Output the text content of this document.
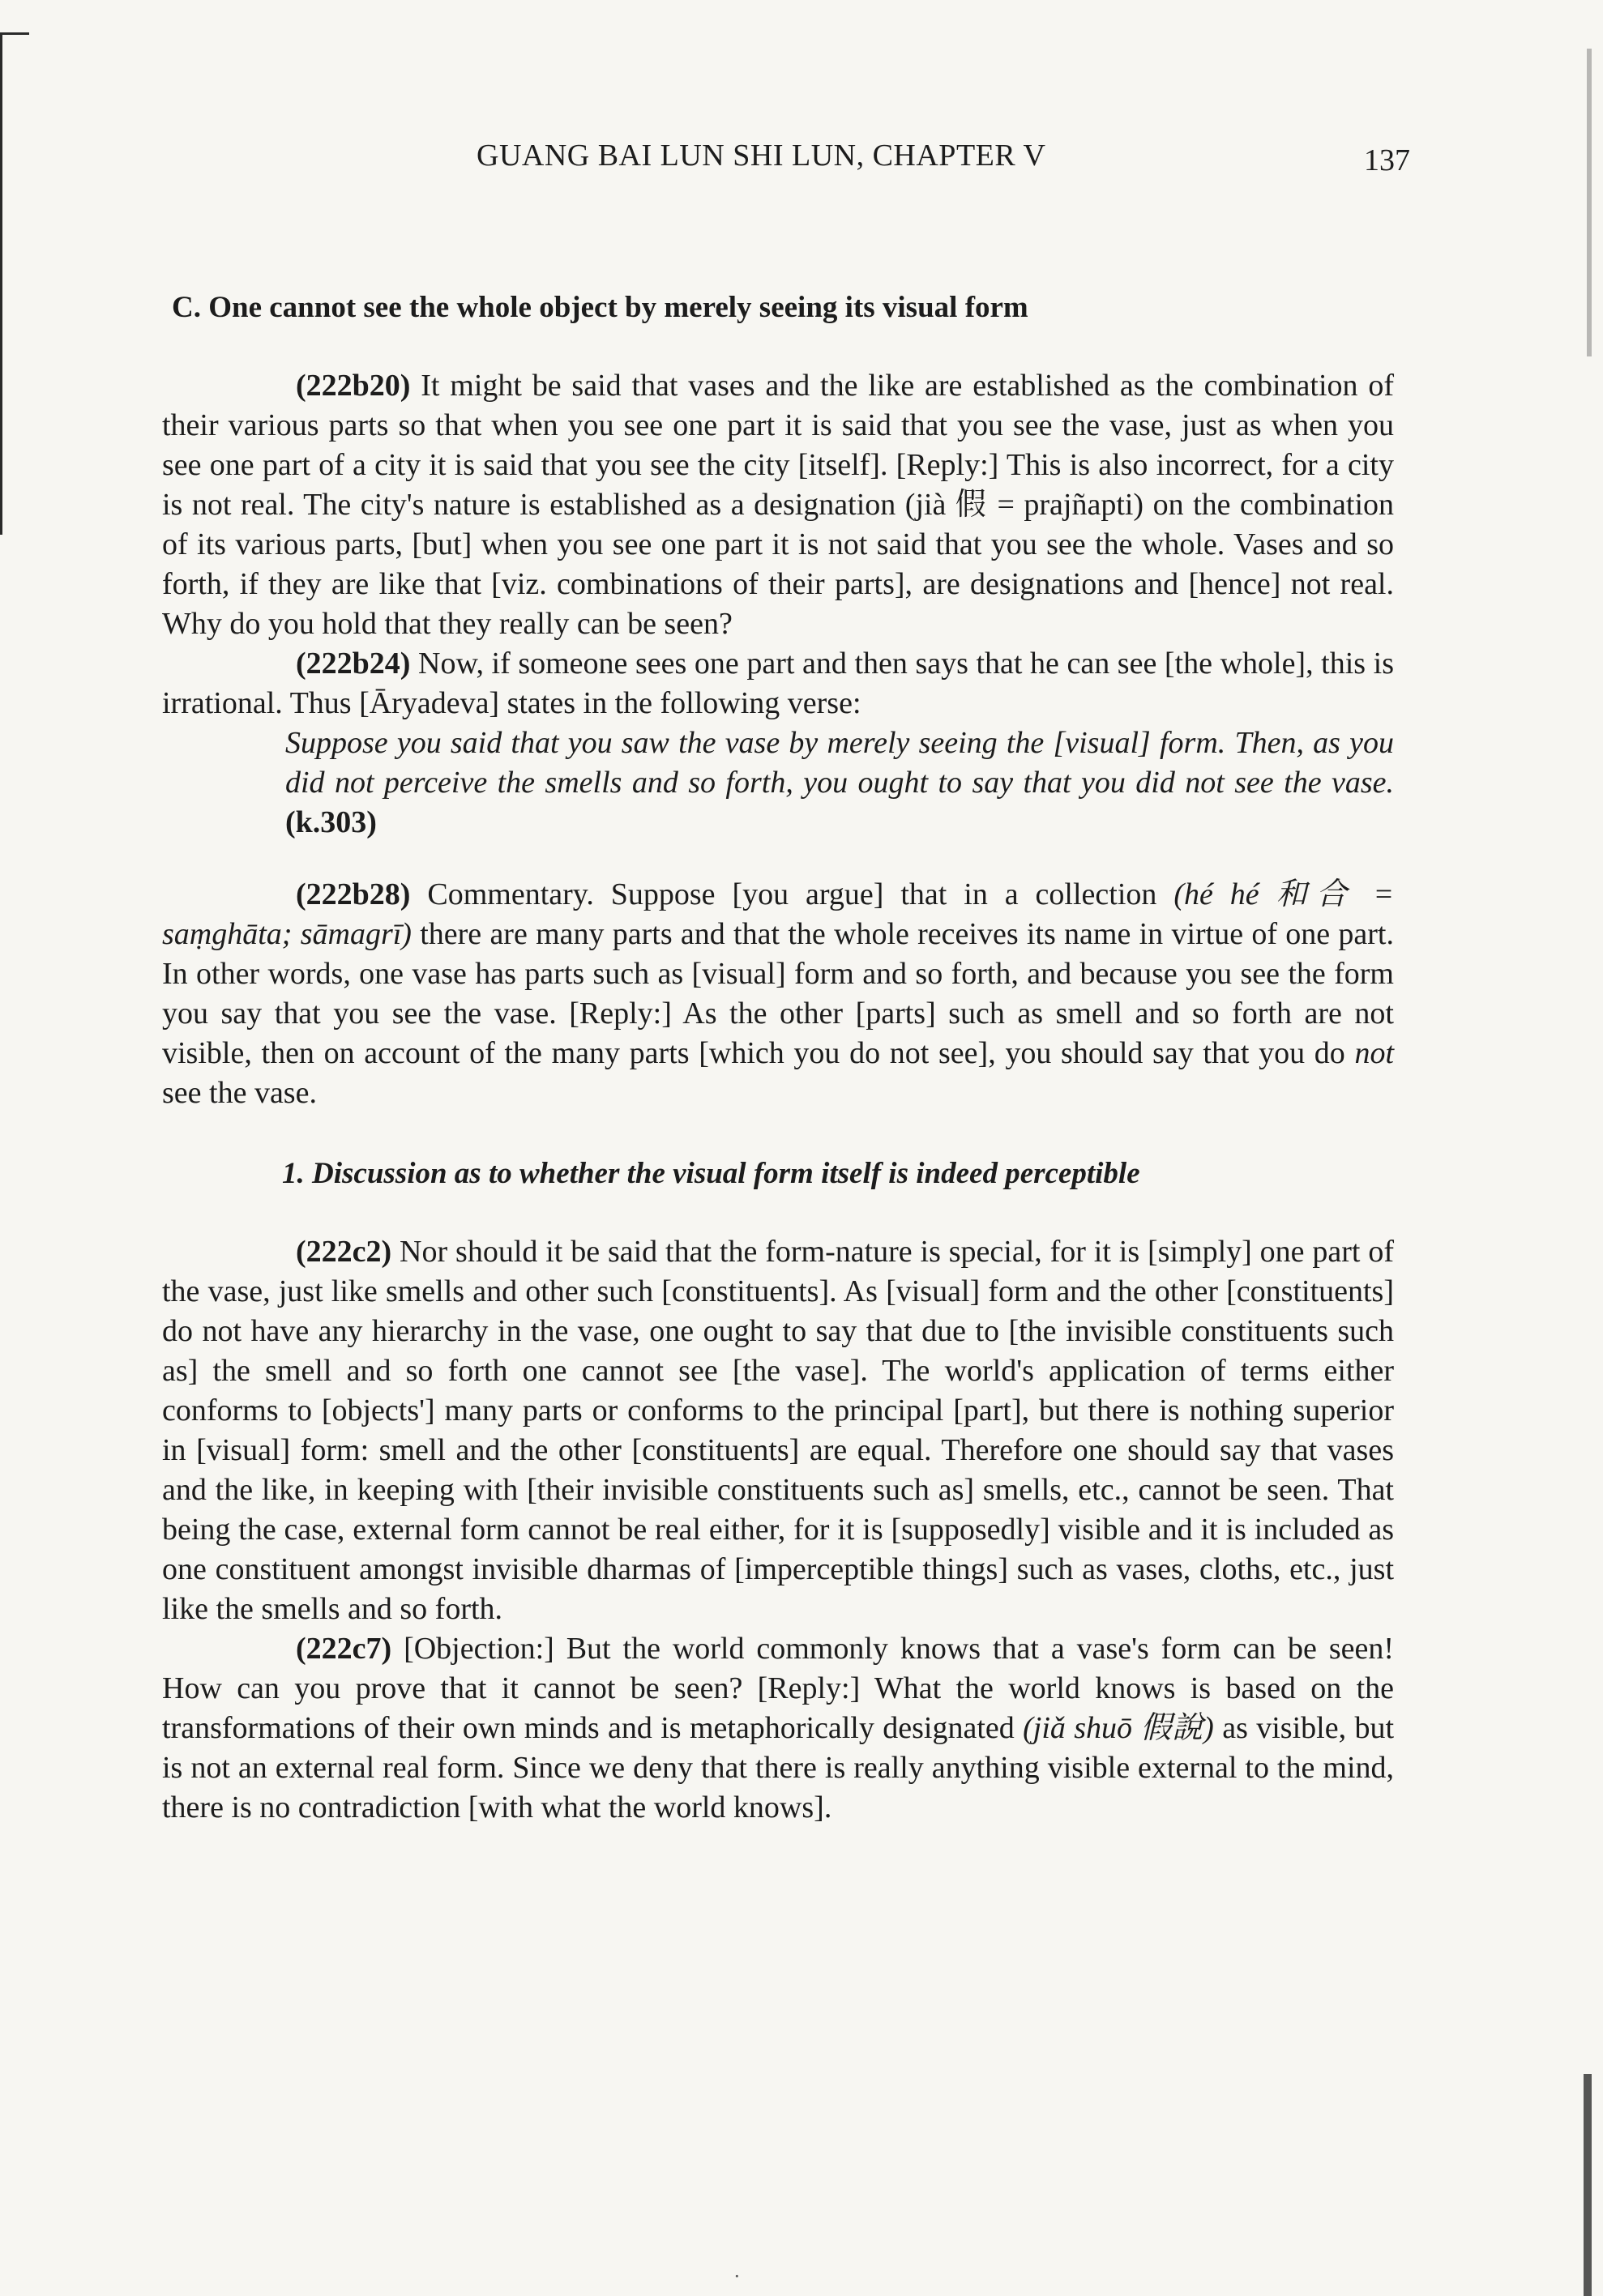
GUANG BAI LUN SHI LUN, CHAPTER V	137
C. One cannot see the whole object by merely seeing its visual form

(222b20) It might be said that vases and the like are established as the combination of their various parts so that when you see one part it is said that you see the vase, just as when you see one part of a city it is said that you see the city [itself]. [Reply:] This is also incorrect, for a city is not real. The city's nature is established as a designation (jià 假 = prajñapti) on the combination of its various parts, [but] when you see one part it is not said that you see the whole. Vases and so forth, if they are like that [viz. combinations of their parts], are designations and [hence] not real. Why do you hold that they really can be seen?

(222b24) Now, if someone sees one part and then says that he can see [the whole], this is irrational. Thus [Āryadeva] states in the following verse:

Suppose you said that you saw the vase by merely seeing the [visual] form. Then, as you did not perceive the smells and so forth, you ought to say that you did not see the vase. (k.303)

(222b28) Commentary. Suppose [you argue] that in a collection (hé hé 和合 = saṃghāta; sāmagrī) there are many parts and that the whole receives its name in virtue of one part. In other words, one vase has parts such as [visual] form and so forth, and because you see the form you say that you see the vase. [Reply:] As the other [parts] such as smell and so forth are not visible, then on account of the many parts [which you do not see], you should say that you do not see the vase.

1. Discussion as to whether the visual form itself is indeed perceptible

(222c2) Nor should it be said that the form-nature is special, for it is [simply] one part of the vase, just like smells and other such [constituents]. As [visual] form and the other [constituents] do not have any hierarchy in the vase, one ought to say that due to [the invisible constituents such as] the smell and so forth one cannot see [the vase]. The world's application of terms either conforms to [objects'] many parts or conforms to the principal [part], but there is nothing superior in [visual] form: smell and the other [constituents] are equal. Therefore one should say that vases and the like, in keeping with [their invisible constituents such as] smells, etc., cannot be seen. That being the case, external form cannot be real either, for it is [supposedly] visible and it is included as one constituent amongst invisible dharmas of [imperceptible things] such as vases, cloths, etc., just like the smells and so forth.

(222c7) [Objection:] But the world commonly knows that a vase's form can be seen! How can you prove that it cannot be seen? [Reply:] What the world knows is based on the transformations of their own minds and is metaphorically designated (jiǎ shuō 假說) as visible, but is not an external real form. Since we deny that there is really anything visible external to the mind, there is no contradiction [with what the world knows].

·
